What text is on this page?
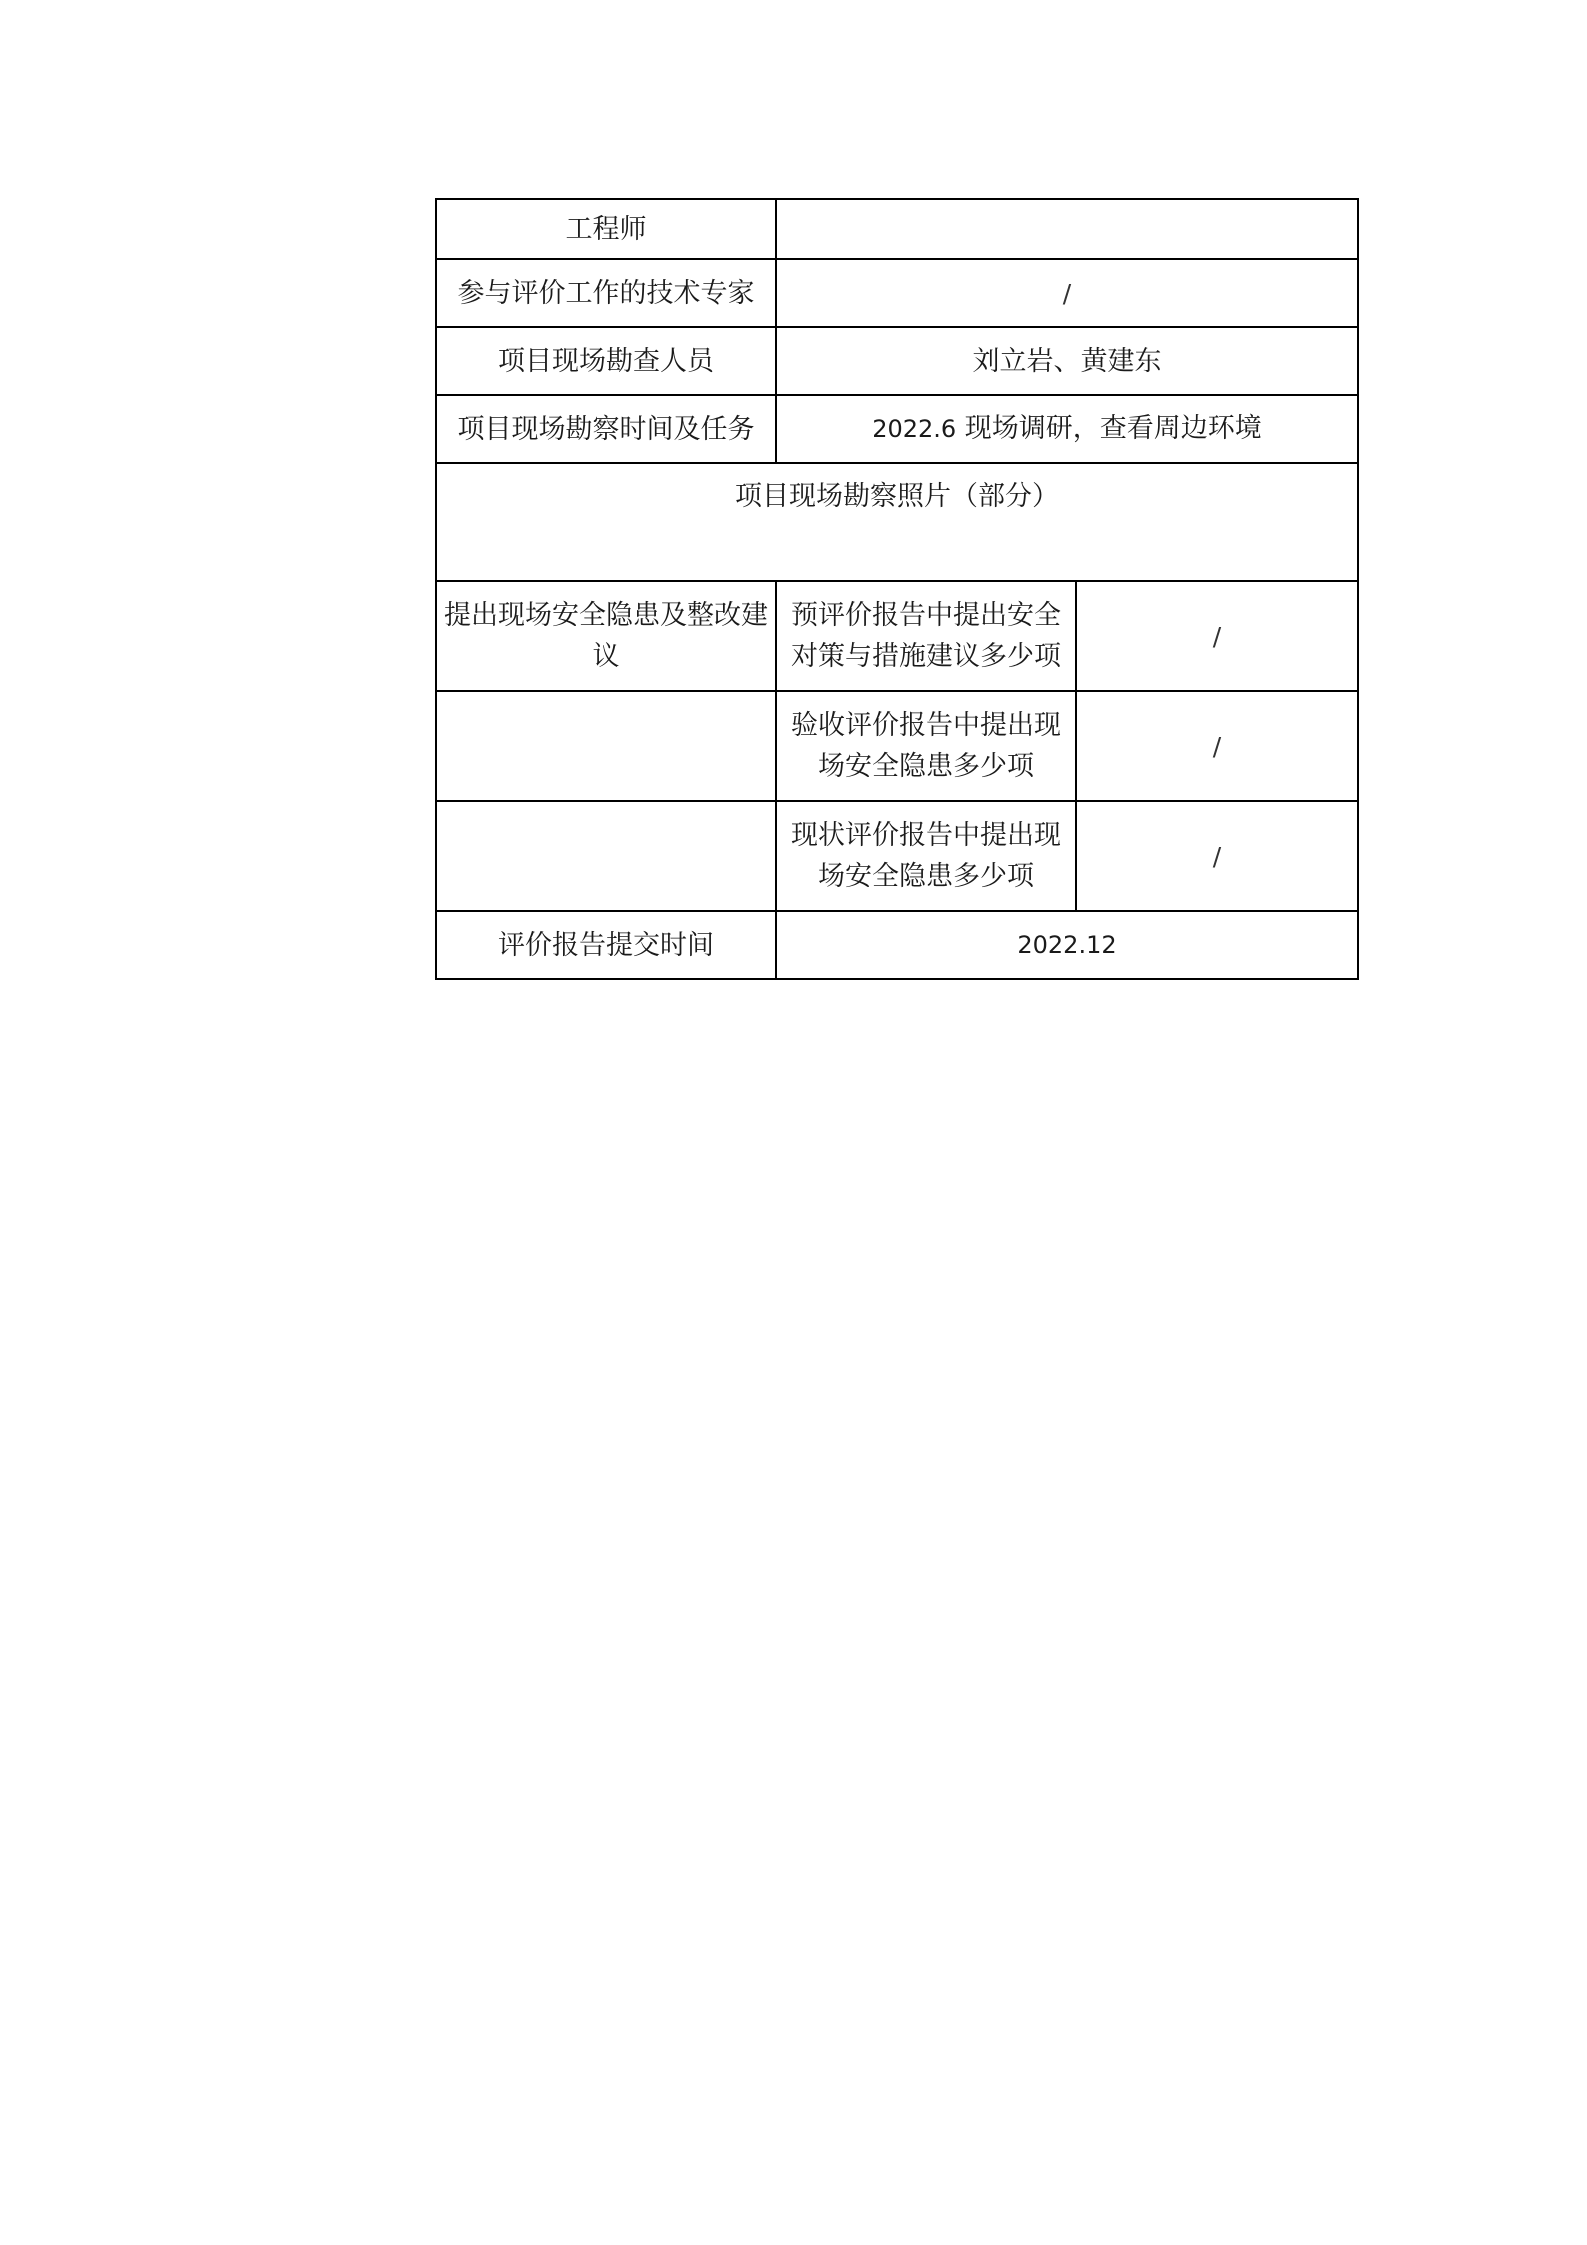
工程师		
参与评价工作的技术专家	/	
项目现场勘查人员	刘立岩、黄建东	
项目现场勘察时间及任务	2022.6 现场调研，查看周边环境	
项目现场勘察照片（部分）		
提出现场安全隐患及整改建议	预评价报告中提出安全对策与措施建议多少项	/
	验收评价报告中提出现场安全隐患多少项	/
	现状评价报告中提出现场安全隐患多少项	/
评价报告提交时间	2022.12	
